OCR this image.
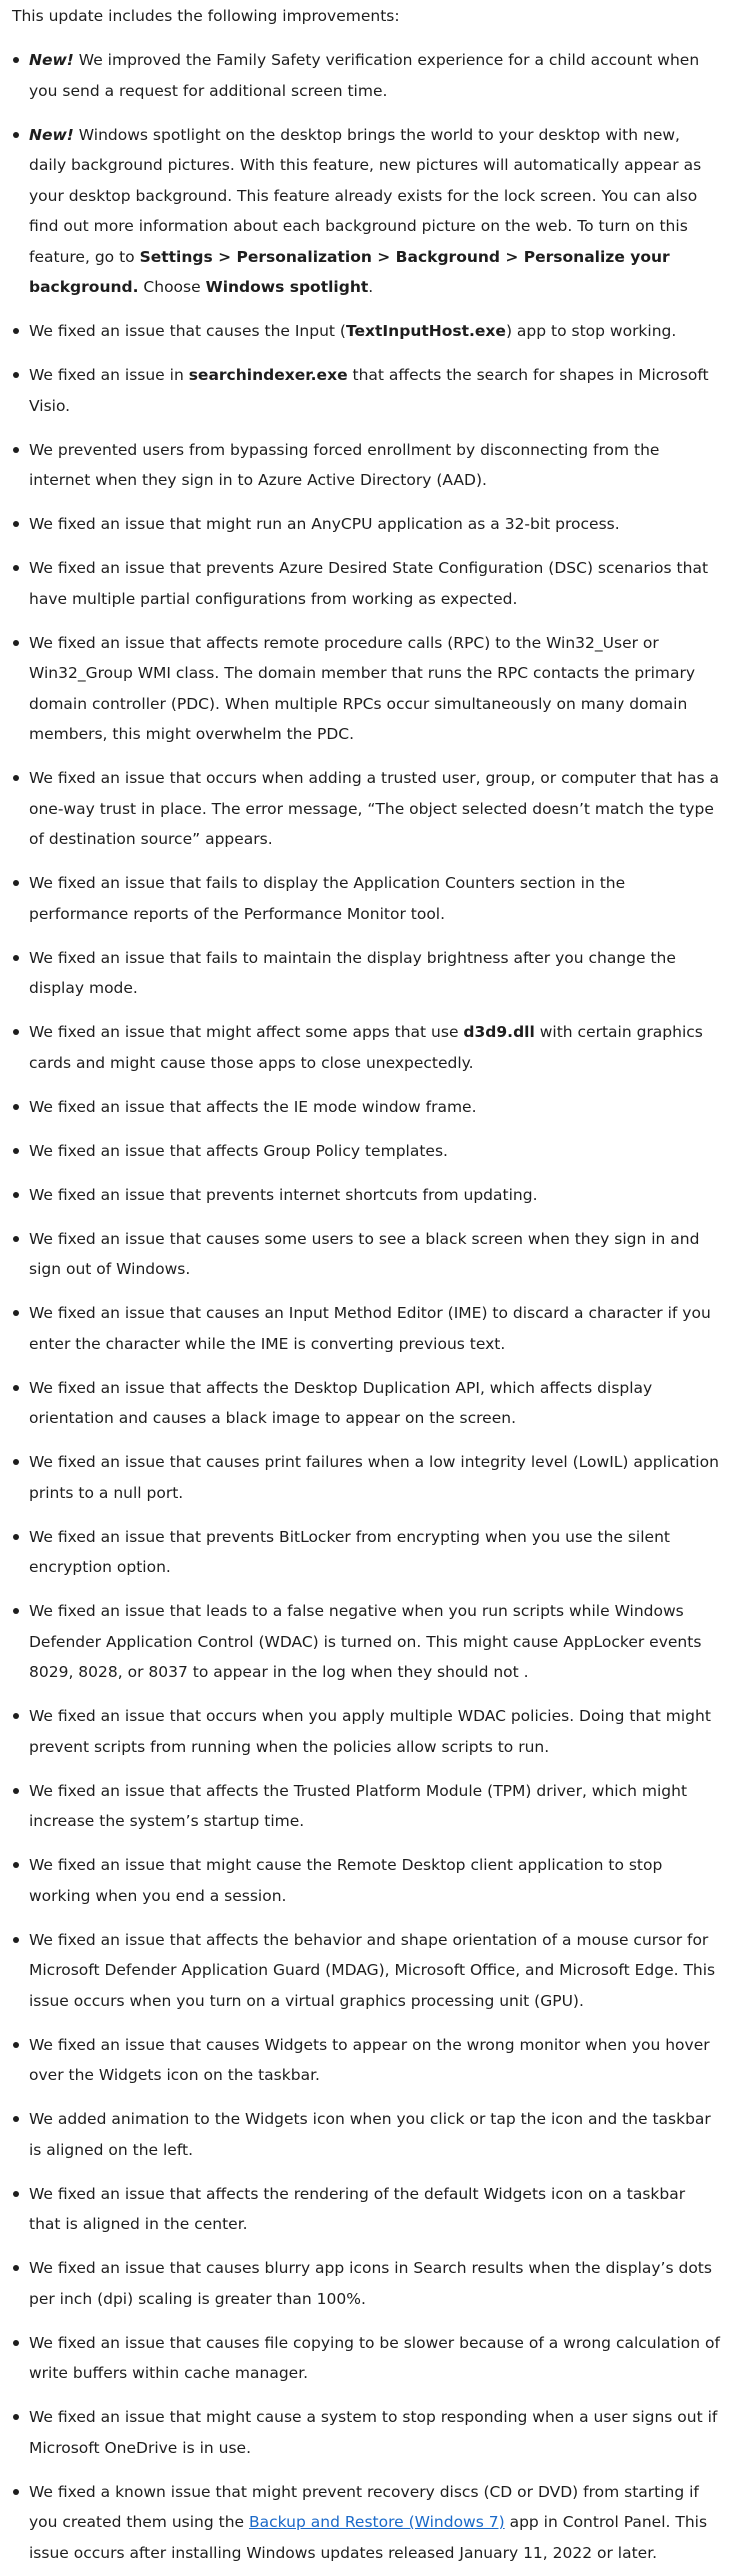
This update includes the following improvements:

New! We improved the Family Safety verification experience for a child account when you send a request for additional screen time.
New! Windows spotlight on the desktop brings the world to your desktop with new, daily background pictures. With this feature, new pictures will automatically appear as your desktop background. This feature already exists for the lock screen. You can also find out more information about each background picture on the web. To turn on this feature, go to Settings > Personalization > Background > Personalize your background. Choose Windows spotlight.
We fixed an issue that causes the Input (TextInputHost.exe) app to stop working.
We fixed an issue in searchindexer.exe that affects the search for shapes in Microsoft Visio.
We prevented users from bypassing forced enrollment by disconnecting from the internet when they sign in to Azure Active Directory (AAD).
We fixed an issue that might run an AnyCPU application as a 32-bit process.
We fixed an issue that prevents Azure Desired State Configuration (DSC) scenarios that have multiple partial configurations from working as expected.
We fixed an issue that affects remote procedure calls (RPC) to the Win32_User or Win32_Group WMI class. The domain member that runs the RPC contacts the primary domain controller (PDC). When multiple RPCs occur simultaneously on many domain members, this might overwhelm the PDC.
We fixed an issue that occurs when adding a trusted user, group, or computer that has a one-way trust in place. The error message, “The object selected doesn’t match the type of destination source” appears.
We fixed an issue that fails to display the Application Counters section in the performance reports of the Performance Monitor tool.
We fixed an issue that fails to maintain the display brightness after you change the display mode.
We fixed an issue that might affect some apps that use d3d9.dll with certain graphics cards and might cause those apps to close unexpectedly.
We fixed an issue that affects the IE mode window frame.
We fixed an issue that affects Group Policy templates.
We fixed an issue that prevents internet shortcuts from updating.
We fixed an issue that causes some users to see a black screen when they sign in and sign out of Windows.
We fixed an issue that causes an Input Method Editor (IME) to discard a character if you enter the character while the IME is converting previous text.
We fixed an issue that affects the Desktop Duplication API, which affects display orientation and causes a black image to appear on the screen.
We fixed an issue that causes print failures when a low integrity level (LowIL) application prints to a null port.
We fixed an issue that prevents BitLocker from encrypting when you use the silent encryption option.
We fixed an issue that leads to a false negative when you run scripts while Windows Defender Application Control (WDAC) is turned on. This might cause AppLocker events 8029, 8028, or 8037 to appear in the log when they should not .
We fixed an issue that occurs when you apply multiple WDAC policies. Doing that might prevent scripts from running when the policies allow scripts to run.
We fixed an issue that affects the Trusted Platform Module (TPM) driver, which might increase the system’s startup time.
We fixed an issue that might cause the Remote Desktop client application to stop working when you end a session.
We fixed an issue that affects the behavior and shape orientation of a mouse cursor for Microsoft Defender Application Guard (MDAG), Microsoft Office, and Microsoft Edge. This issue occurs when you turn on a virtual graphics processing unit (GPU).
We fixed an issue that causes Widgets to appear on the wrong monitor when you hover over the Widgets icon on the taskbar.
We added animation to the Widgets icon when you click or tap the icon and the taskbar is aligned on the left.
We fixed an issue that affects the rendering of the default Widgets icon on a taskbar that is aligned in the center.
We fixed an issue that causes blurry app icons in Search results when the display’s dots per inch (dpi) scaling is greater than 100%.
We fixed an issue that causes file copying to be slower because of a wrong calculation of write buffers within cache manager.
We fixed an issue that might cause a system to stop responding when a user signs out if Microsoft OneDrive is in use.
We fixed a known issue that might prevent recovery discs (CD or DVD) from starting if you created them using the Backup and Restore (Windows 7) app in Control Panel. This issue occurs after installing Windows updates released January 11, 2022 or later.
